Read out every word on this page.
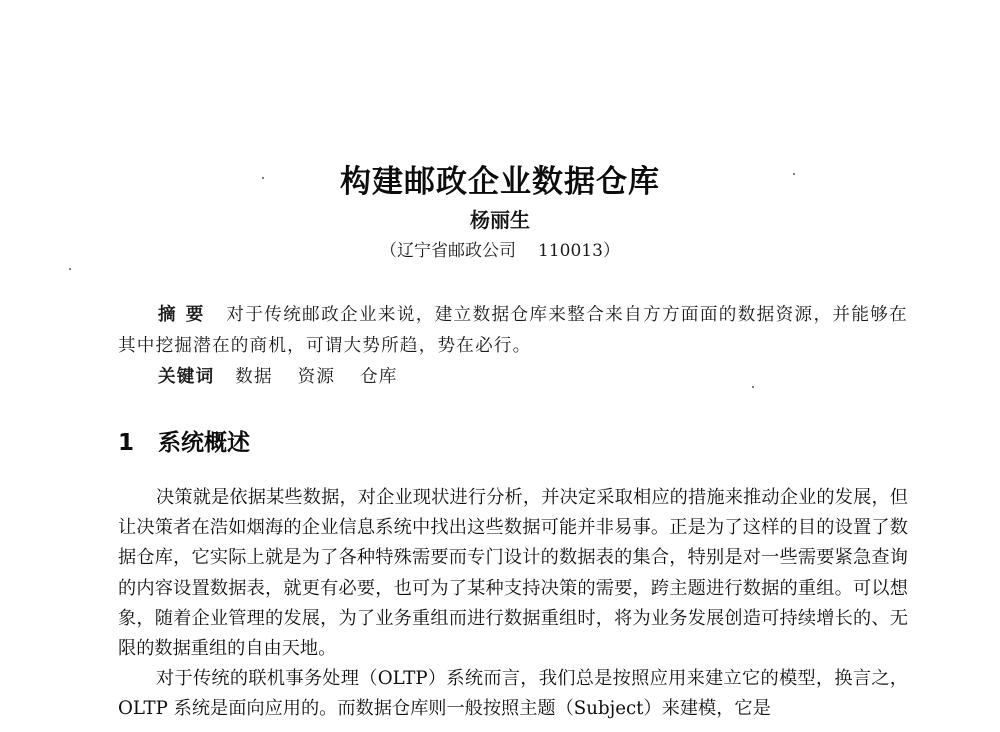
构建邮政企业数据仓库
杨丽生
（辽宁省邮政公司 110013）

摘要 对于传统邮政企业来说，建立数据仓库来整合来自方方面面的数据资源，并能够在其中挖掘潜在的商机，可谓大势所趋，势在必行。

关键词 数据 资源 仓库

1 系统概述

决策就是依据某些数据，对企业现状进行分析，并决定采取相应的措施来推动企业的发展，但让决策者在浩如烟海的企业信息系统中找出这些数据可能并非易事。正是为了这样的目的设置了数据仓库，它实际上就是为了各种特殊需要而专门设计的数据表的集合，特别是对一些需要紧急查询的内容设置数据表，就更有必要，也可为了某种支持决策的需要，跨主题进行数据的重组。可以想象，随着企业管理的发展，为了业务重组而进行数据重组时，将为业务发展创造可持续增长的、无限的数据重组的自由天地。

对于传统的联机事务处理（OLTP）系统而言，我们总是按照应用来建立它的模型，换言之，OLTP 系统是面向应用的。而数据仓库则一般按照主题（Subject）来建模，它是
